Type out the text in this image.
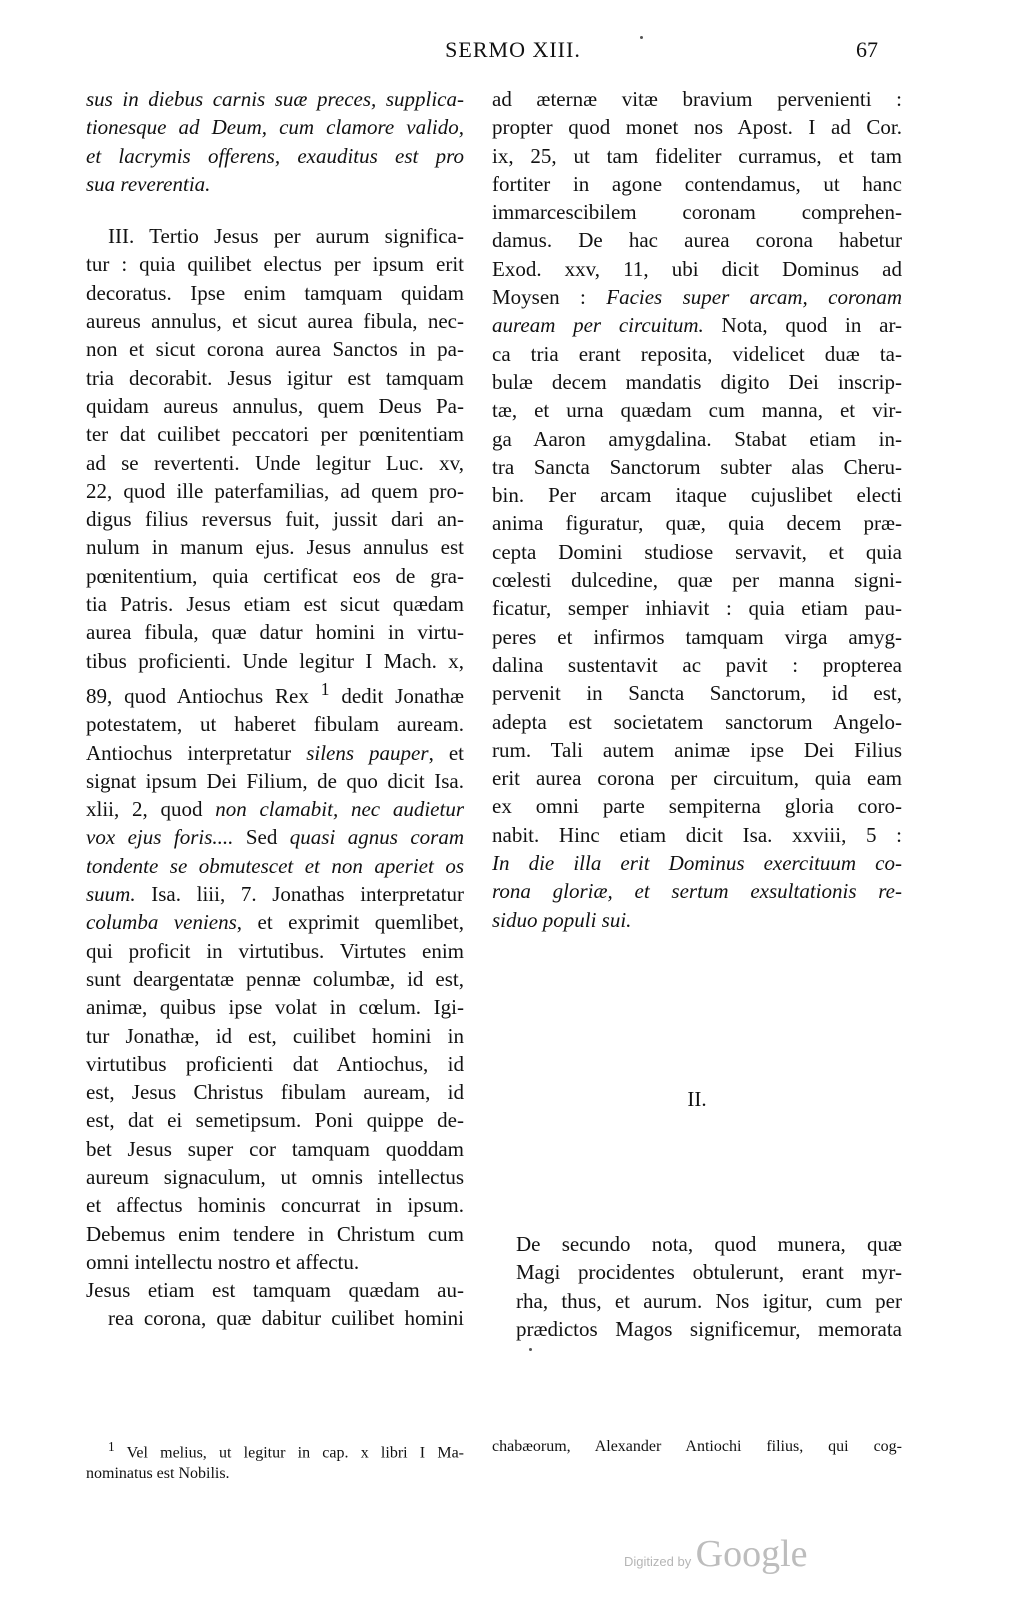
SERMO XIII.	67
sus in diebus carnis suæ preces, supplica-
tionesque ad Deum, cum clamore valido,
et lacrymis offerens, exauditus est pro
sua reverentia.
III. Tertio Jesus per aurum significa-
tur : quia quilibet electus per ipsum erit
decoratus. Ipse enim tamquam quidam
aureus annulus, et sicut aurea fibula, nec-
non et sicut corona aurea Sanctos in pa-
tria decorabit. Jesus igitur est tamquam
quidam aureus annulus, quem Deus Pa-
ter dat cuilibet peccatori per pœnitentiam
ad se revertenti. Unde legitur Luc. xv,
22, quod ille paterfamilias, ad quem pro-
digus filius reversus fuit, jussit dari an-
nulum in manum ejus. Jesus annulus est
pœnitentium, quia certificat eos de gra-
tia Patris. Jesus etiam est sicut quædam
aurea fibula, quæ datur homini in virtu-
tibus proficienti. Unde legitur I Mach. x,
89, quod Antiochus Rex $^1$ dedit Jonathæ
potestatem, ut haberet fibulam auream.
Antiochus interpretatur silens pauper, et
signat ipsum Dei Filium, de quo dicit Isa.
xlii, 2, quod non clamabit, nec audietur
vox ejus foris.... Sed quasi agnus coram
tondente se obmutescet et non aperiet os
suum. Isa. liii, 7. Jonathas interpretatur
columba veniens, et exprimit quemlibet,
qui proficit in virtutibus. Virtutes enim
sunt deargentatæ pennæ columbæ, id est,
animæ, quibus ipse volat in cœlum. Igi-
tur Jonathæ, id est, cuilibet homini in
virtutibus proficienti dat Antiochus, id
est, Jesus Christus fibulam auream, id
est, dat ei semetipsum. Poni quippe de-
bet Jesus super cor tamquam quoddam
aureum signaculum, ut omnis intellectus
et affectus hominis concurrat in ipsum.
Debemus enim tendere in Christum cum
omni intellectu nostro et affectu.
Jesus etiam est tamquam quædam au-
rea corona, quæ dabitur cuilibet homini
ad æternæ vitæ bravium pervenienti :
propter quod monet nos Apost. I ad Cor.
ix, 25, ut tam fideliter curramus, et tam
fortiter in agone contendamus, ut hanc
immarcescibilem coronam comprehen-
damus. De hac aurea corona habetur
Exod. xxv, 11, ubi dicit Dominus ad
Moysen : Facies super arcam, coronam
auream per circuitum. Nota, quod in ar-
ca tria erant reposita, videlicet duæ ta-
bulæ decem mandatis digito Dei inscrip-
tæ, et urna quædam cum manna, et vir-
ga Aaron amygdalina. Stabat etiam in-
tra Sancta Sanctorum subter alas Cheru-
bin. Per arcam itaque cujuslibet electi
anima figuratur, quæ, quia decem præ-
cepta Domini studiose servavit, et quia
cœlesti dulcedine, quæ per manna signi-
ficatur, semper inhiavit : quia etiam pau-
peres et infirmos tamquam virga amyg-
dalina sustentavit ac pavit : propterea
pervenit in Sancta Sanctorum, id est,
adepta est societatem sanctorum Angelo-
rum. Tali autem animæ ipse Dei Filius
erit aurea corona per circuitum, quia eam
ex omni parte sempiterna gloria coro-
nabit. Hinc etiam dicit Isa. xxviii, 5 :
In die illa erit Dominus exercituum co-
rona gloriæ, et sertum exsultationis re-
siduo populi sui.
II.
De secundo nota, quod munera, quæ
Magi procidentes obtulerunt, erant myr-
rha, thus, et aurum. Nos igitur, cum per
prædictos Magos significemur, memorata
$^1$ Vel melius, ut legitur in cap. x libri I Ma-
nominatus est Nobilis.
chabæorum, Alexander Antiochi filius, qui cog-
Digitized by Google
